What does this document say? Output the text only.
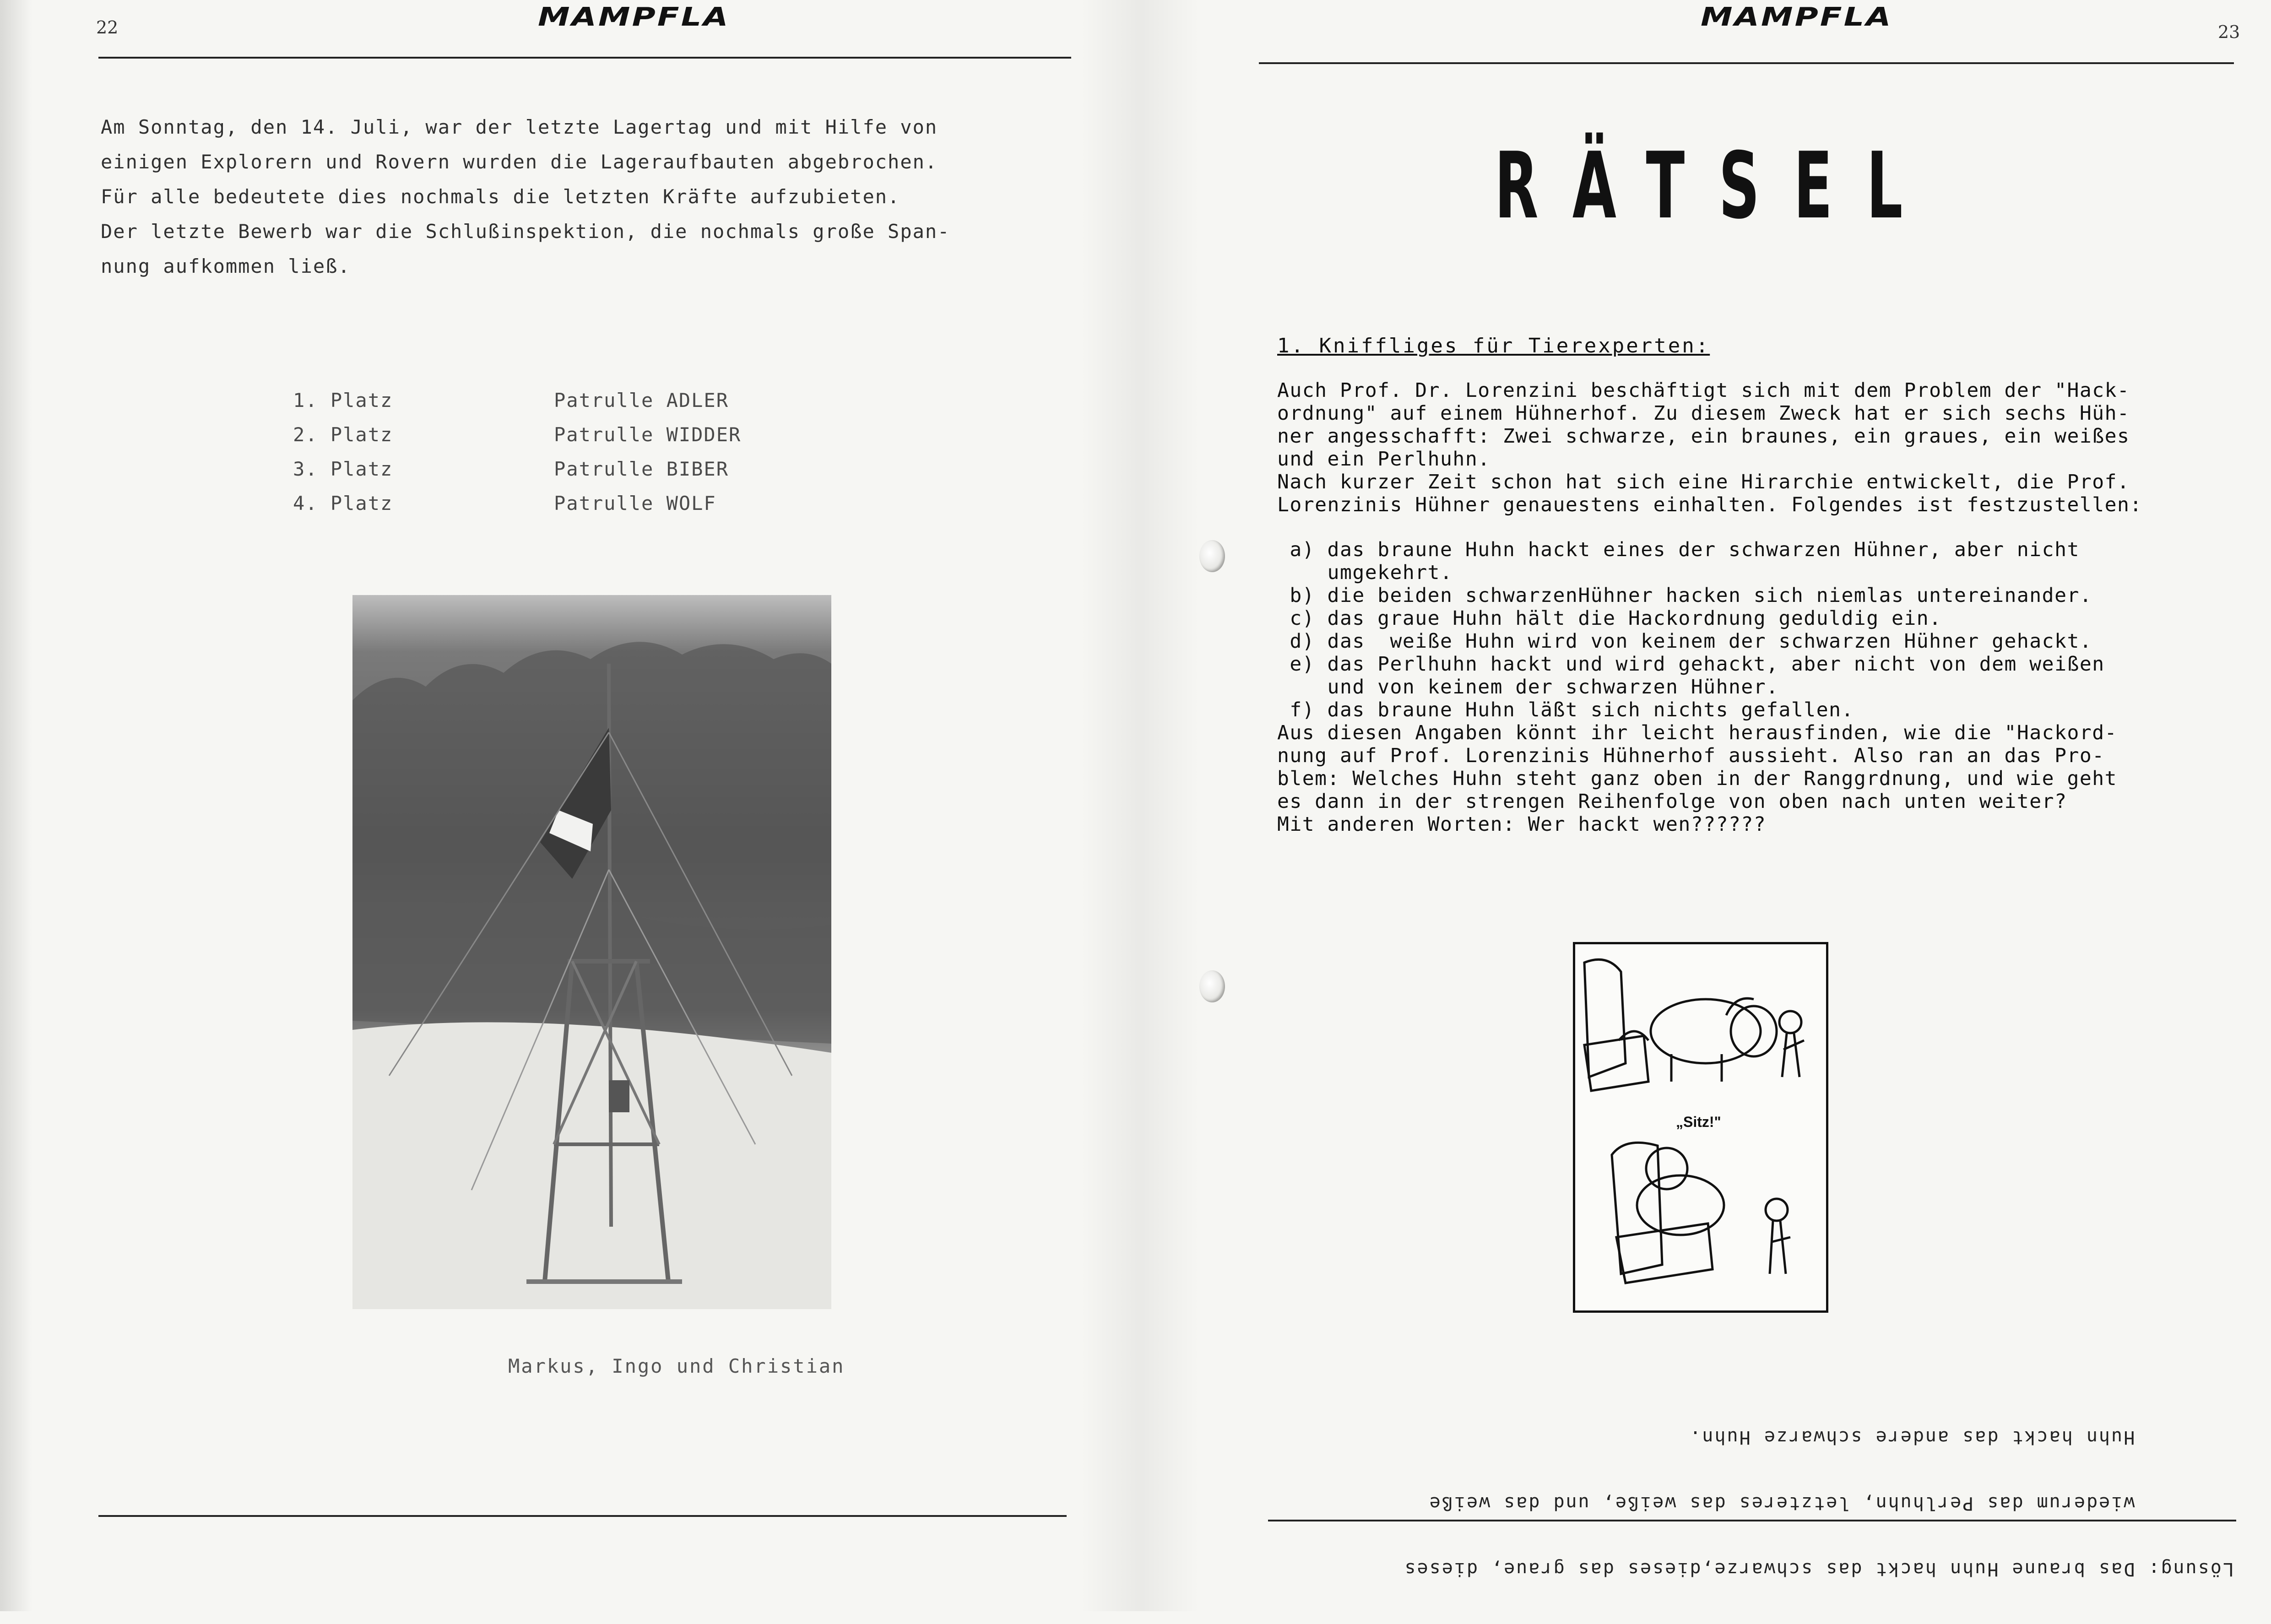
22	MAMPFLA
Am Sonntag, den 14. Juli, war der letzte Lagertag und mit Hilfe von
einigen Explorern und Rovern wurden die Lageraufbauten abgebrochen.
Für alle bedeutete dies nochmals die letzten Kräfte aufzubieten.
Der letzte Bewerb war die Schlußinspektion, die nochmals große Span-
nung aufkommen ließ.
1. Platz	Patrulle ADLER
2. Platz	Patrulle WIDDER
3. Platz	Patrulle BIBER
4. Platz	Patrulle WOLF
Markus, Ingo und Christian
MAMPFLA
23
RÄTSEL
1. Kniffliges für Tierexperten:
Auch Prof. Dr. Lorenzini beschäftigt sich mit dem Problem der "Hack-
ordnung" auf einem Hühnerhof. Zu diesem Zweck hat er sich sechs Hüh-
ner angesschafft: Zwei schwarze, ein braunes, ein graues, ein weißes
und ein Perlhuhn.
Nach kurzer Zeit schon hat sich eine Hirarchie entwickelt, die Prof.
Lorenzinis Hühner genauestens einhalten. Folgendes ist festzustellen:
a) das braune Huhn hackt eines der schwarzen Hühner, aber nicht
umgekehrt.
b) die beiden schwarzenHühner hacken sich niemlas untereinander.
c) das graue Huhn hält die Hackordnung geduldig ein.
d) das  weiße Huhn wird von keinem der schwarzen Hühner gehackt.
e) das Perlhuhn hackt und wird gehackt, aber nicht von dem weißen
und von keinem der schwarzen Hühner.
f) das braune Huhn läßt sich nichts gefallen.
Aus diesen Angaben könnt ihr leicht herausfinden, wie die "Hackord-
nung auf Prof. Lorenzinis Hühnerhof aussieht. Also ran an das Pro-
blem: Welches Huhn steht ganz oben in der Ranggrdnung, und wie geht
es dann in der strengen Reihenfolge von oben nach unten weiter?
Mit anderen Worten: Wer hackt wen??????
„Sitz!"

Lösung: Das braune Huhn hackt das schwarze,dieses das graue, dieses

wiederum das Perlhuhn, letzteres das weiße, und das weiße

Huhn hackt das andere schwarze Huhn.
